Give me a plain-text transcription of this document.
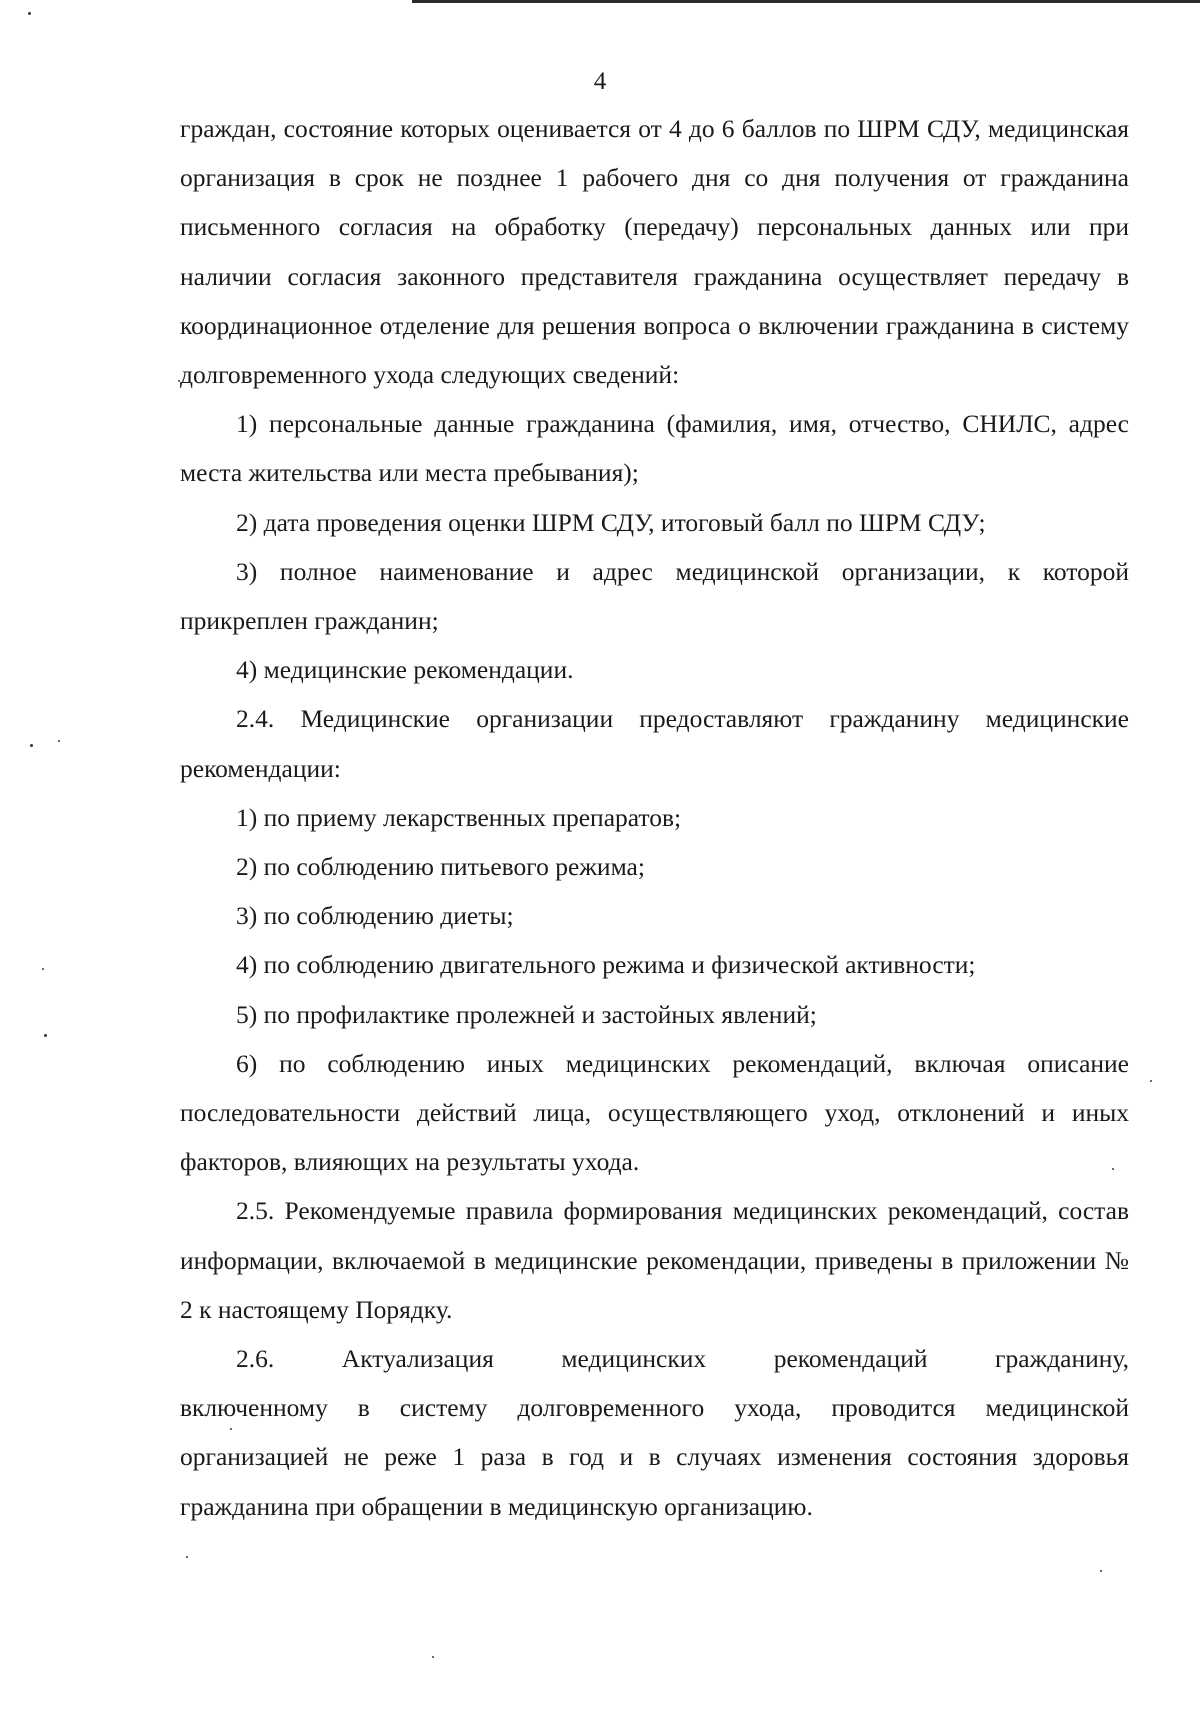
4

граждан, состояние которых оценивается от 4 до 6 баллов по ШРМ СДУ, медицинская организация в срок не позднее 1 рабочего дня со дня получения от гражданина письменного согласия на обработку (передачу) персональных данных или при наличии согласия законного представителя гражданина осуществляет передачу в координационное отделение для решения вопроса о включении гражданина в систему долговременного ухода следующих сведений:

1) персональные данные гражданина (фамилия, имя, отчество, СНИЛС, адрес места жительства или места пребывания);

2) дата проведения оценки ШРМ СДУ, итоговый балл по ШРМ СДУ;

3) полное наименование и адрес медицинской организации, к которой прикреплен гражданин;

4) медицинские рекомендации.

2.4. Медицинские организации предоставляют гражданину медицинские рекомендации:

1) по приему лекарственных препаратов;

2) по соблюдению питьевого режима;

3) по соблюдению диеты;

4) по соблюдению двигательного режима и физической активности;

5) по профилактике пролежней и застойных явлений;

6) по соблюдению иных медицинских рекомендаций, включая описание последовательности действий лица, осуществляющего уход, отклонений и иных факторов, влияющих на результаты ухода.

2.5. Рекомендуемые правила формирования медицинских рекомендаций, состав информации, включаемой в медицинские рекомендации, приведены в приложении № 2 к настоящему Порядку.

2.6. Актуализация медицинских рекомендаций гражданину,

включенному в систему долговременного ухода, проводится медицинской организацией не реже 1 раза в год и в случаях изменения состояния здоровья гражданина при обращении в медицинскую организацию.
